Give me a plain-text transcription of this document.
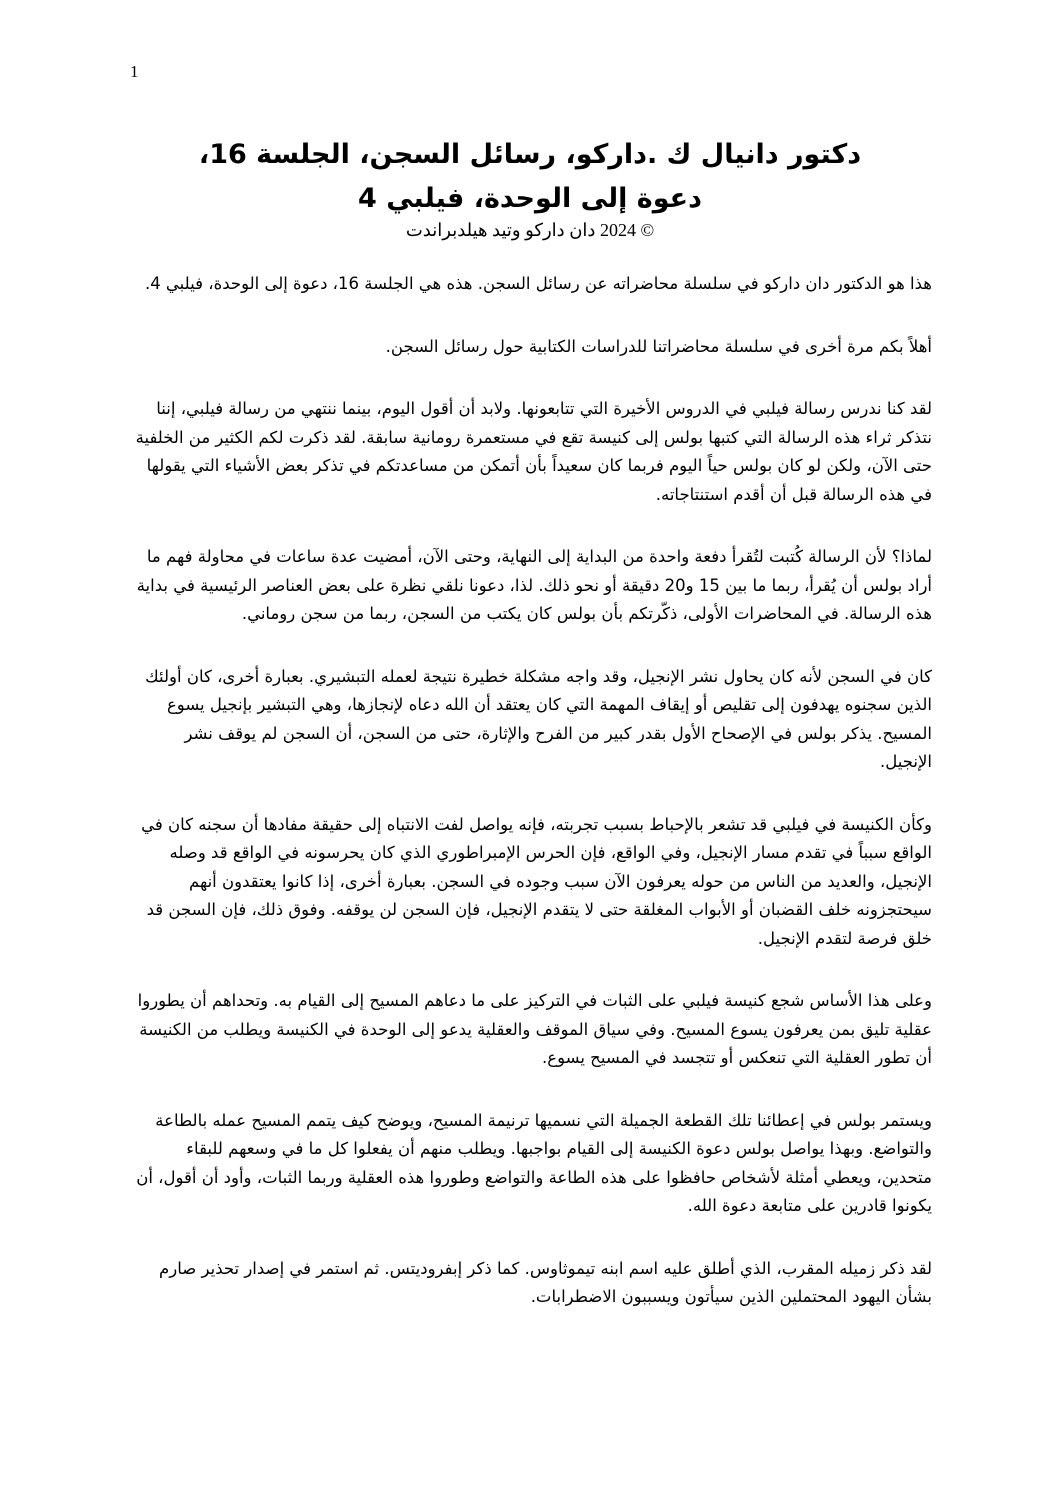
1
دكتور دانيال ك .داركو، رسائل السجن، الجلسة 16،
دعوة إلى الوحدة، فيلبي 4
© 2024 دان داركو وتيد هيلدبراندت

هذا هو الدكتور دان داركو في سلسلة محاضراته عن رسائل السجن. هذه هي الجلسة 16، دعوة إلى الوحدة، فيلبي 4.

أهلاً بكم مرة أخرى في سلسلة محاضراتنا للدراسات الكتابية حول رسائل السجن.

لقد كنا ندرس رسالة فيلبي في الدروس الأخيرة التي تتابعونها. ولابد أن أقول اليوم، بينما ننتهي من رسالة فيلبي، إننا نتذكر ثراء هذه الرسالة التي كتبها بولس إلى كنيسة تقع في مستعمرة رومانية سابقة. لقد ذكرت لكم الكثير من الخلفية حتى الآن، ولكن لو كان بولس حياً اليوم فربما كان سعيداً بأن أتمكن من مساعدتكم في تذكر بعض الأشياء التي يقولها في هذه الرسالة قبل أن أقدم استنتاجاته.

لماذا؟ لأن الرسالة كُتبت لتُقرأ دفعة واحدة من البداية إلى النهاية، وحتى الآن، أمضيت عدة ساعات في محاولة فهم ما أراد بولس أن يُقرأ، ربما ما بين 15 و20 دقيقة أو نحو ذلك. لذا، دعونا نلقي نظرة على بعض العناصر الرئيسية في بداية هذه الرسالة. في المحاضرات الأولى، ذكّرتكم بأن بولس كان يكتب من السجن، ربما من سجن روماني.

كان في السجن لأنه كان يحاول نشر الإنجيل، وقد واجه مشكلة خطيرة نتيجة لعمله التبشيري. بعبارة أخرى، كان أولئك الذين سجنوه يهدفون إلى تقليص أو إيقاف المهمة التي كان يعتقد أن الله دعاه لإنجازها، وهي التبشير بإنجيل يسوع المسيح. يذكر بولس في الإصحاح الأول بقدر كبير من الفرح والإثارة، حتى من السجن، أن السجن لم يوقف نشر الإنجيل.

وكأن الكنيسة في فيلبي قد تشعر بالإحباط بسبب تجربته، فإنه يواصل لفت الانتباه إلى حقيقة مفادها أن سجنه كان في الواقع سبباً في تقدم مسار الإنجيل، وفي الواقع، فإن الحرس الإمبراطوري الذي كان يحرسونه في الواقع قد وصله الإنجيل، والعديد من الناس من حوله يعرفون الآن سبب وجوده في السجن. بعبارة أخرى، إذا كانوا يعتقدون أنهم سيحتجزونه خلف القضبان أو الأبواب المغلقة حتى لا يتقدم الإنجيل، فإن السجن لن يوقفه. وفوق ذلك، فإن السجن قد خلق فرصة لتقدم الإنجيل.

وعلى هذا الأساس شجع كنيسة فيلبي على الثبات في التركيز على ما دعاهم المسيح إلى القيام به. وتحداهم أن يطوروا عقلية تليق بمن يعرفون يسوع المسيح. وفي سياق الموقف والعقلية يدعو إلى الوحدة في الكنيسة ويطلب من الكنيسة أن تطور العقلية التي تنعكس أو تتجسد في المسيح يسوع.

ويستمر بولس في إعطائنا تلك القطعة الجميلة التي نسميها ترنيمة المسيح، ويوضح كيف يتمم المسيح عمله بالطاعة والتواضع. وبهذا يواصل بولس دعوة الكنيسة إلى القيام بواجبها. ويطلب منهم أن يفعلوا كل ما في وسعهم للبقاء متحدين، ويعطي أمثلة لأشخاص حافظوا على هذه الطاعة والتواضع وطوروا هذه العقلية وربما الثبات، وأود أن أقول، أن يكونوا قادرين على متابعة دعوة الله.

لقد ذكر زميله المقرب، الذي أطلق عليه اسم ابنه تيموثاوس. كما ذكر إبفروديتس. ثم استمر في إصدار تحذير صارم بشأن اليهود المحتملين الذين سيأتون ويسببون الاضطرابات.
